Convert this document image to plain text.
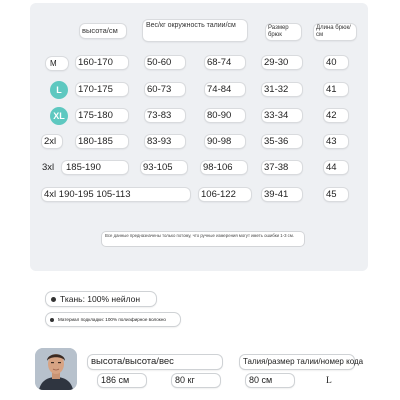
высота/см
Вес/кг окружность талии/см	Размер брюк
Длина брюк/см
M	160-170	50-60	68-74	29-30	40
L	170-175	60-73	74-84	31-32	41
XL	175-180	73-83	80-90	33-34	42
2xl	180-185	83-93	90-98	35-36	43
3xl	185-190	93-105	98-106	37-38	44
4xl 190-195 105-113	106-122	39-41	45
Все данные предназначены только потому, что ручные измерения могут иметь ошибки 1-3 см.
Ткань: 100% нейлон
Материал подкладки: 100% полиэфирное волокно
высота/высота/вес	Талия/размер талии/номер кода
186 см	80 кг	80 см	L
